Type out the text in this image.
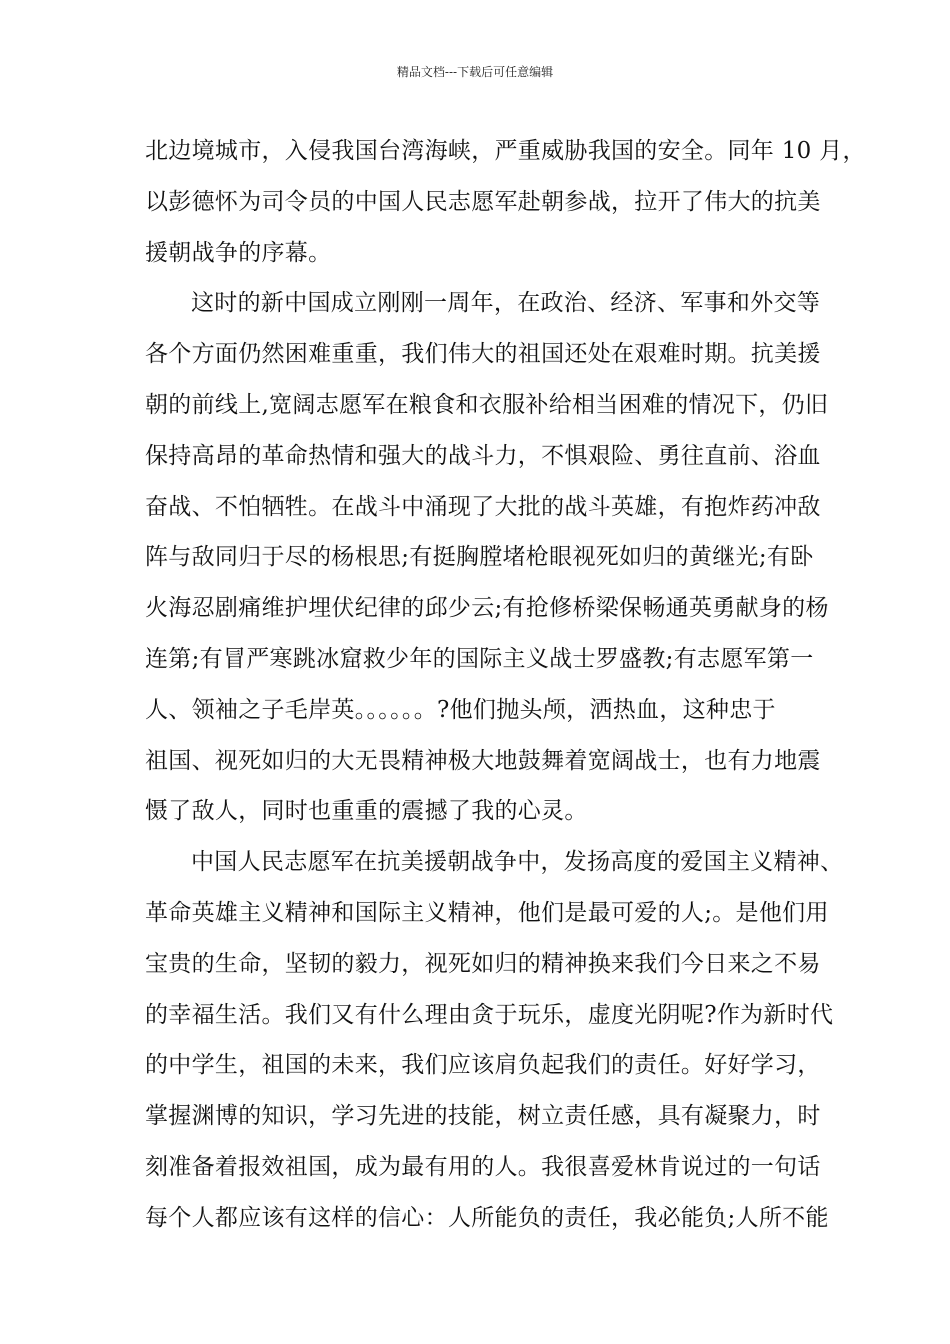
精品文档---下载后可任意编辑
北边境城市，入侵我国台湾海峡，严重威胁我国的安全。同年 10 月，
以彭德怀为司令员的中国人民志愿军赴朝参战，拉开了伟大的抗美
援朝战争的序幕。
这时的新中国成立刚刚一周年，在政治、经济、军事和外交等
各个方面仍然困难重重，我们伟大的祖国还处在艰难时期。抗美援
朝的前线上,宽阔志愿军在粮食和衣服补给相当困难的情况下，仍旧
保持高昂的革命热情和强大的战斗力，不惧艰险、勇往直前、浴血
奋战、不怕牺牲。在战斗中涌现了大批的战斗英雄，有抱炸药冲敌
阵与敌同归于尽的杨根思;有挺胸膛堵枪眼视死如归的黄继光;有卧
火海忍剧痛维护埋伏纪律的邱少云;有抢修桥梁保畅通英勇献身的杨
连第;有冒严寒跳冰窟救少年的国际主义战士罗盛教;有志愿军第一
人、领袖之子毛岸英。。。。。。?他们抛头颅，洒热血，这种忠于
祖国、视死如归的大无畏精神极大地鼓舞着宽阔战士，也有力地震
慑了敌人，同时也重重的震撼了我的心灵。
中国人民志愿军在抗美援朝战争中，发扬高度的爱国主义精神、
革命英雄主义精神和国际主义精神，他们是最可爱的人;。是他们用
宝贵的生命，坚韧的毅力，视死如归的精神换来我们今日来之不易
的幸福生活。我们又有什么理由贪于玩乐，虚度光阴呢?作为新时代
的中学生，祖国的未来，我们应该肩负起我们的责任。好好学习，
掌握渊博的知识，学习先进的技能，树立责任感，具有凝聚力，时
刻准备着报效祖国，成为最有用的人。我很喜爱林肯说过的一句话
每个人都应该有这样的信心：人所能负的责任，我必能负;人所不能
